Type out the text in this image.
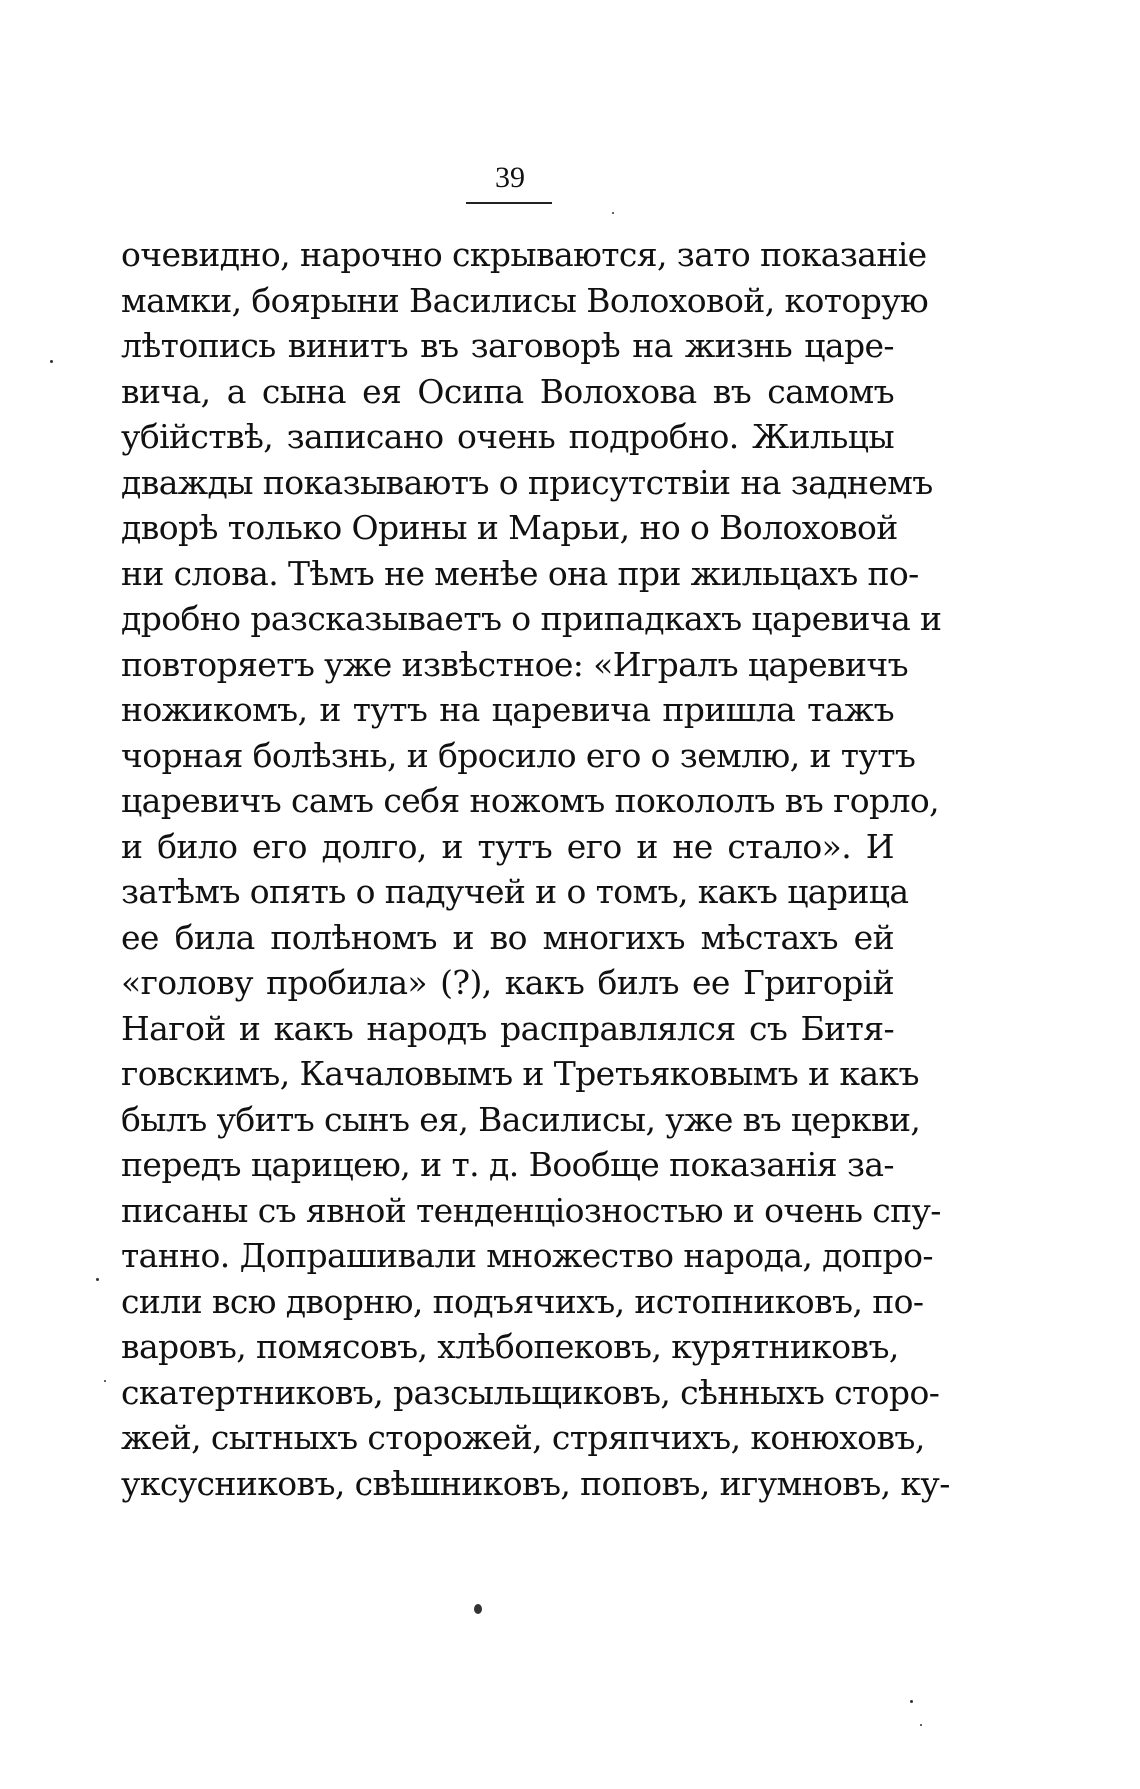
39
очевидно, нарочно скрываются, зато показаніе
мамки, боярыни Василисы Волоховой, которую
лѣтопись винитъ въ заговорѣ на жизнь царе-
вича, а сына ея Осипа Волохова въ самомъ
убійствѣ, записано очень подробно. Жильцы
дважды показываютъ о присутствіи на заднемъ
дворѣ только Орины и Марьи, но о Волоховой
ни слова. Тѣмъ не менѣе она при жильцахъ по-
дробно разсказываетъ о припадкахъ царевича и
повторяетъ уже извѣстное: «Игралъ царевичъ
ножикомъ, и тутъ на царевича пришла тажъ
чорная болѣзнь, и бросило его о землю, и тутъ
царевичъ самъ себя ножомъ покололъ въ горло,
и било его долго, и тутъ его и не стало». И
затѣмъ опять о падучей и о томъ, какъ царица
ее била полѣномъ и во многихъ мѣстахъ ей
«голову пробила» (?), какъ билъ ее Григорій
Нагой и какъ народъ расправлялся съ Битя-
говскимъ, Качаловымъ и Третьяковымъ и какъ
былъ убитъ сынъ ея, Василисы, уже въ церкви,
передъ царицею, и т. д. Вообще показанія за-
писаны съ явной тенденціозностью и очень спу-
танно. Допрашивали множество народа, допро-
сили всю дворню, подъячихъ, истопниковъ, по-
варовъ, помясовъ, хлѣбопековъ, курятниковъ,
скатертниковъ, разсыльщиковъ, сѣнныхъ сторо-
жей, сытныхъ сторожей, стряпчихъ, конюховъ,
уксусниковъ, свѣшниковъ, поповъ, игумновъ, ку-
